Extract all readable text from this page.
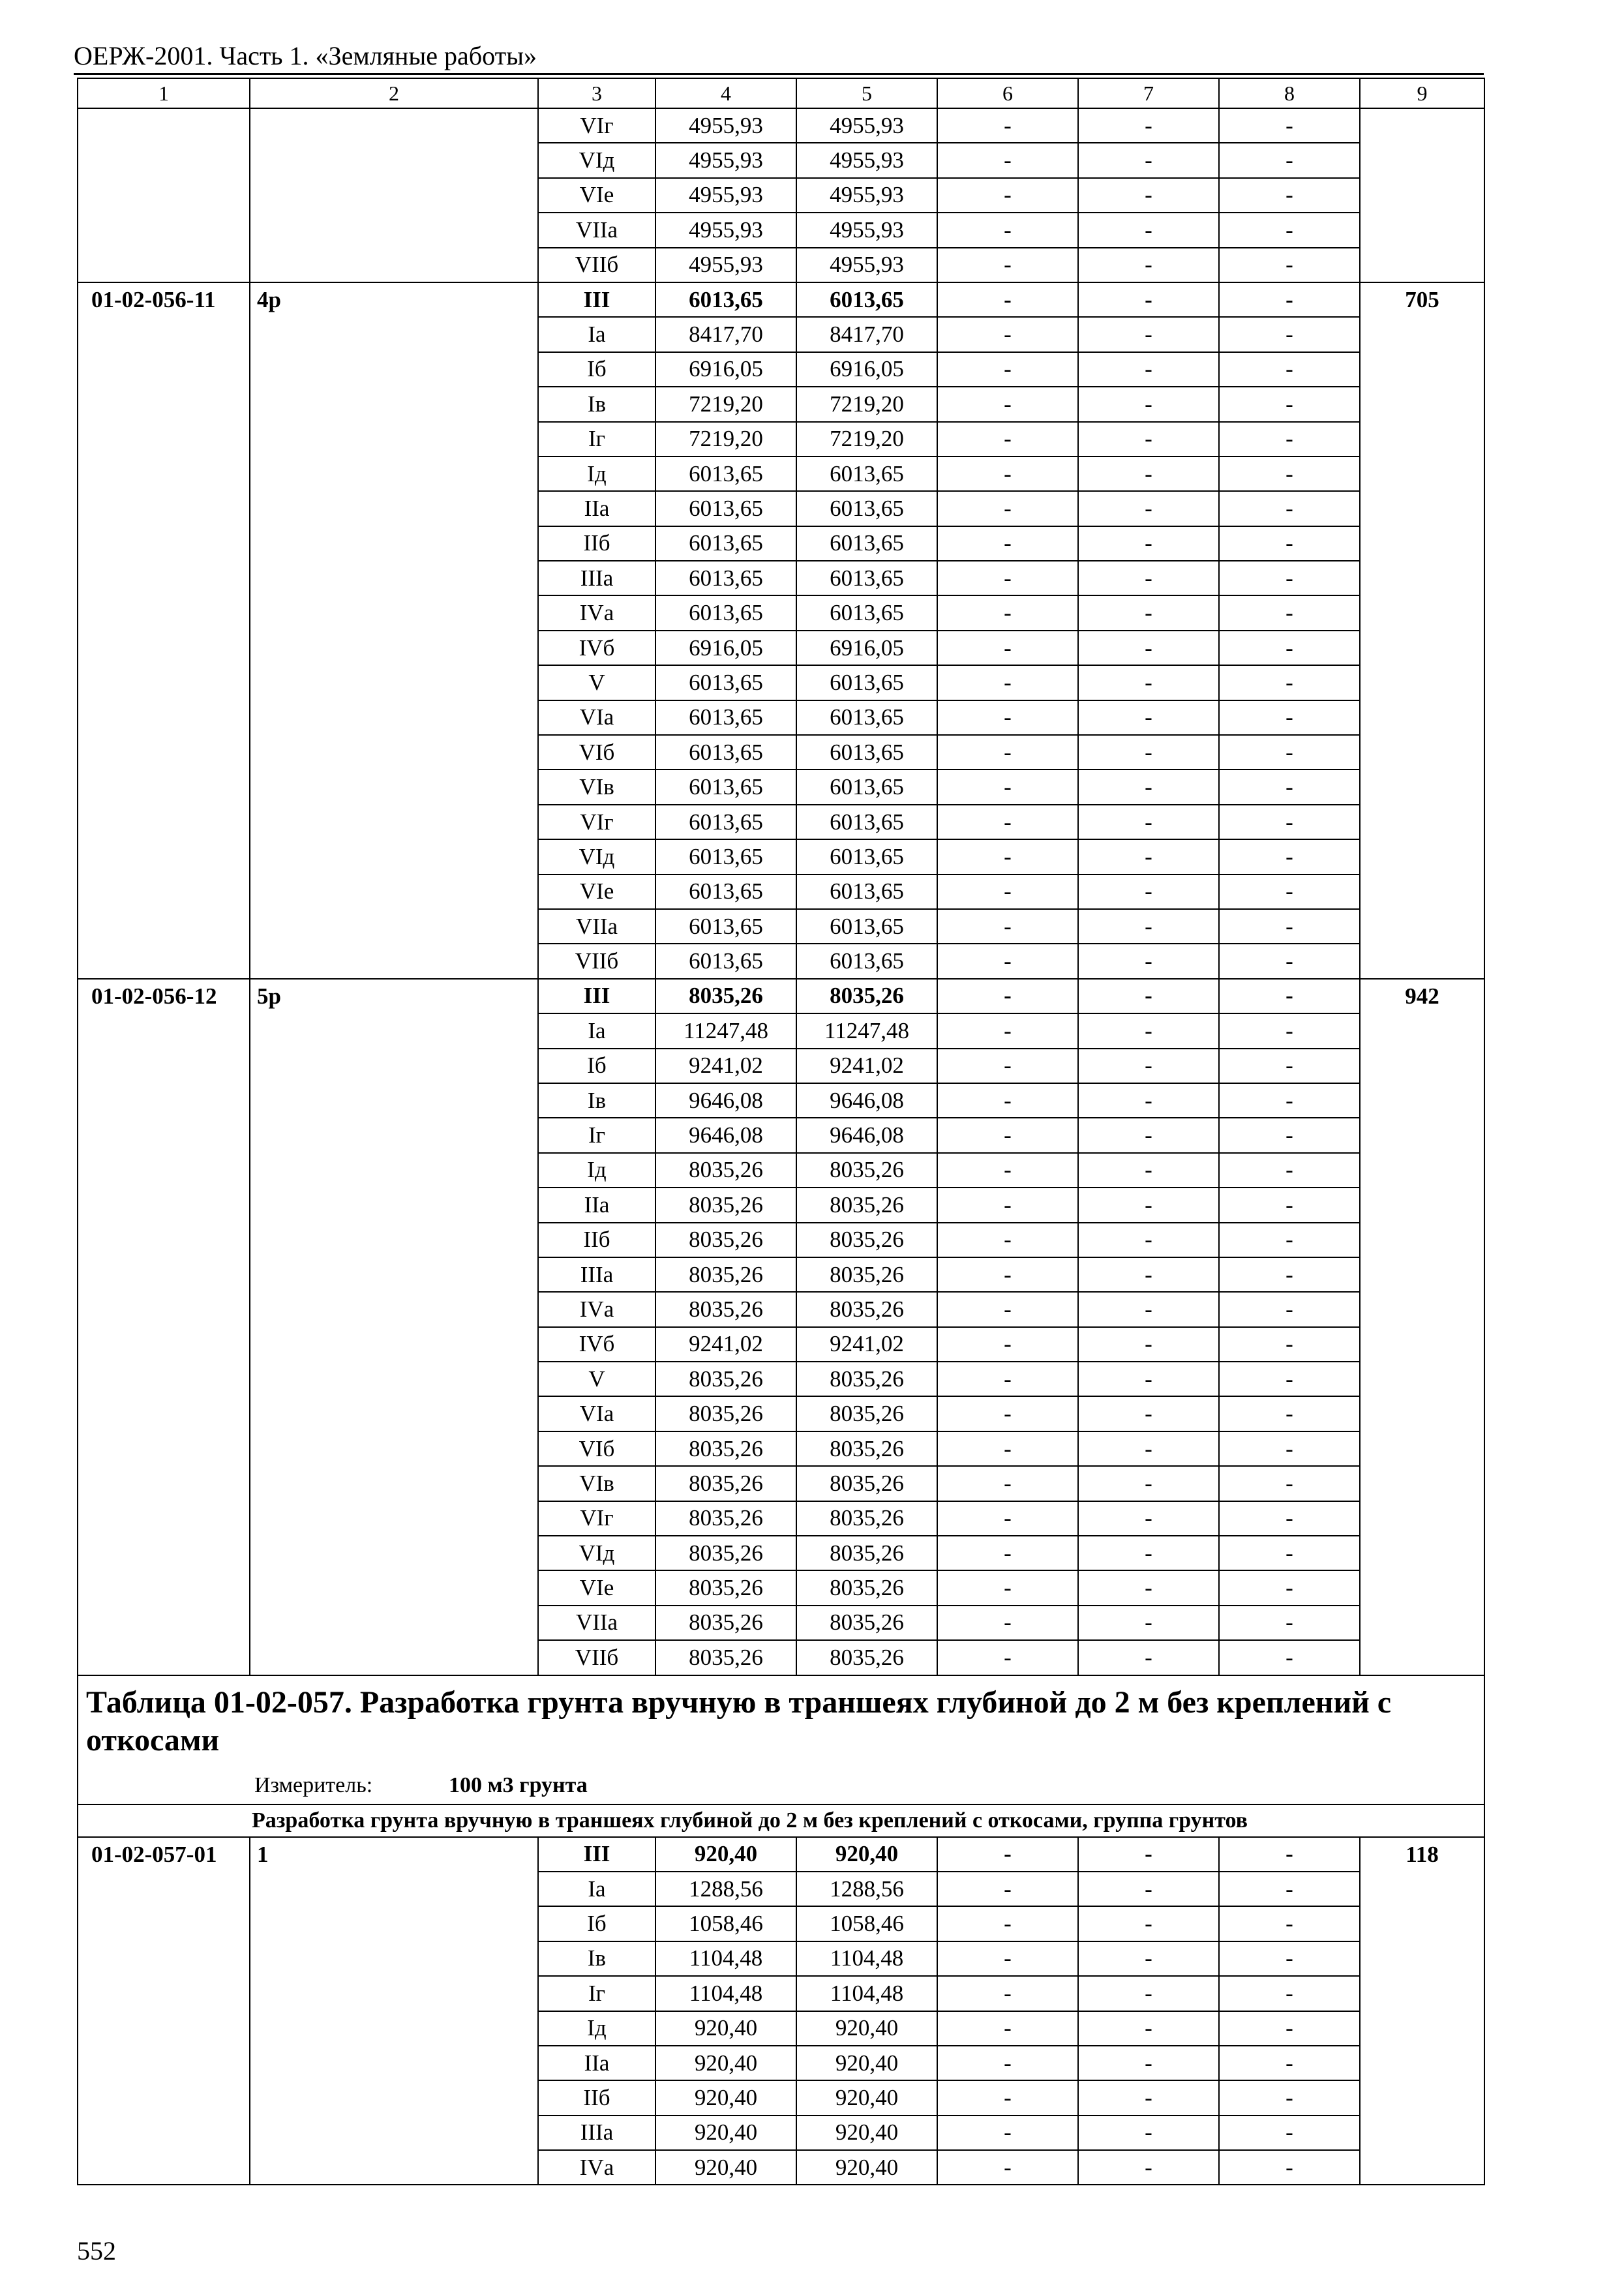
ОЕРЖ-2001. Часть 1. «Земляные работы»
1	2	3	4	5	6	7	8	9
		VIг	4955,93	4955,93	-	-	-	
		VIд	4955,93	4955,93	-	-	-	
		VIе	4955,93	4955,93	-	-	-	
		VIIа	4955,93	4955,93	-	-	-	
		VIIб	4955,93	4955,93	-	-	-	
01-02-056-11	4р	III	6013,65	6013,65	-	-	-	705
		Iа	8417,70	8417,70	-	-	-	
		Iб	6916,05	6916,05	-	-	-	
		Iв	7219,20	7219,20	-	-	-	
		Iг	7219,20	7219,20	-	-	-	
		Iд	6013,65	6013,65	-	-	-	
		IIа	6013,65	6013,65	-	-	-	
		IIб	6013,65	6013,65	-	-	-	
		IIIа	6013,65	6013,65	-	-	-	
		IVа	6013,65	6013,65	-	-	-	
		IVб	6916,05	6916,05	-	-	-	
		V	6013,65	6013,65	-	-	-	
		VIа	6013,65	6013,65	-	-	-	
		VIб	6013,65	6013,65	-	-	-	
		VIв	6013,65	6013,65	-	-	-	
		VIг	6013,65	6013,65	-	-	-	
		VIд	6013,65	6013,65	-	-	-	
		VIе	6013,65	6013,65	-	-	-	
		VIIа	6013,65	6013,65	-	-	-	
		VIIб	6013,65	6013,65	-	-	-	
01-02-056-12	5р	III	8035,26	8035,26	-	-	-	942
		Iа	11247,48	11247,48	-	-	-	
		Iб	9241,02	9241,02	-	-	-	
		Iв	9646,08	9646,08	-	-	-	
		Iг	9646,08	9646,08	-	-	-	
		Iд	8035,26	8035,26	-	-	-	
		IIа	8035,26	8035,26	-	-	-	
		IIб	8035,26	8035,26	-	-	-	
		IIIа	8035,26	8035,26	-	-	-	
		IVа	8035,26	8035,26	-	-	-	
		IVб	9241,02	9241,02	-	-	-	
		V	8035,26	8035,26	-	-	-	
		VIа	8035,26	8035,26	-	-	-	
		VIб	8035,26	8035,26	-	-	-	
		VIв	8035,26	8035,26	-	-	-	
		VIг	8035,26	8035,26	-	-	-	
		VIд	8035,26	8035,26	-	-	-	
		VIе	8035,26	8035,26	-	-	-	
		VIIа	8035,26	8035,26	-	-	-	
		VIIб	8035,26	8035,26	-	-	-	

Таблица 01-02-057. Разработка грунта вручную в траншеях глубиной до 2 м без креплений с откосами
Измеритель: 100 м3 грунта								

Разработка грунта вручную в траншеях глубиной до 2 м без креплений с откосами, группа грунтов								
01-02-057-01	1	III	920,40	920,40	-	-	-	118
		Iа	1288,56	1288,56	-	-	-	
		Iб	1058,46	1058,46	-	-	-	
		Iв	1104,48	1104,48	-	-	-	
		Iг	1104,48	1104,48	-	-	-	
		Iд	920,40	920,40	-	-	-	
		IIа	920,40	920,40	-	-	-	
		IIб	920,40	920,40	-	-	-	
		IIIа	920,40	920,40	-	-	-	
		IVа	920,40	920,40	-	-	-	
552
